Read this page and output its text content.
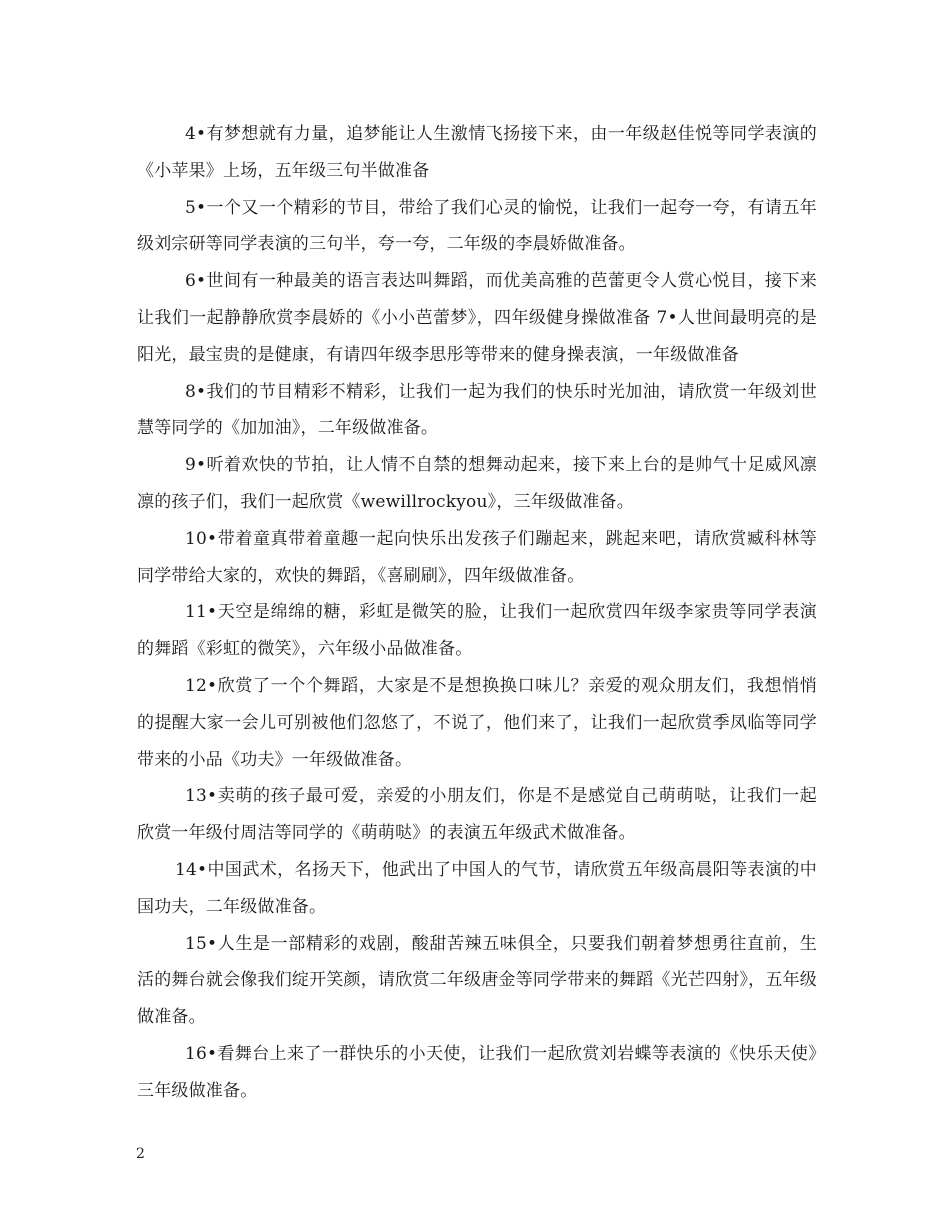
4•有梦想就有力量，追梦能让人生激情飞扬接下来，由一年级赵佳悦等同学表演的《小苹果》上场，五年级三句半做准备

5•一个又一个精彩的节目，带给了我们心灵的愉悦，让我们一起夸一夸，有请五年级刘宗研等同学表演的三句半，夸一夸，二年级的李晨娇做准备。

6•世间有一种最美的语言表达叫舞蹈，而优美高雅的芭蕾更令人赏心悦目，接下来让我们一起静静欣赏李晨娇的《小小芭蕾梦》，四年级健身操做准备 7•人世间最明亮的是阳光，最宝贵的是健康，有请四年级李思彤等带来的健身操表演，一年级做准备

8•我们的节目精彩不精彩，让我们一起为我们的快乐时光加油，请欣赏一年级刘世慧等同学的《加加油》，二年级做准备。

9•听着欢快的节拍，让人情不自禁的想舞动起来，接下来上台的是帅气十足威风凛凛的孩子们，我们一起欣赏《wewillrockyou》，三年级做准备。

10•带着童真带着童趣一起向快乐出发孩子们蹦起来，跳起来吧，请欣赏臧科林等同学带给大家的，欢快的舞蹈，《喜刷刷》，四年级做准备。

11•天空是绵绵的糖，彩虹是微笑的脸，让我们一起欣赏四年级李家贵等同学表演的舞蹈《彩虹的微笑》，六年级小品做准备。

12•欣赏了一个个舞蹈，大家是不是想换换口味儿？亲爱的观众朋友们，我想悄悄的提醒大家一会儿可别被他们忽悠了，不说了，他们来了，让我们一起欣赏季凤临等同学带来的小品《功夫》一年级做准备。

13•卖萌的孩子最可爱，亲爱的小朋友们，你是不是感觉自己萌萌哒，让我们一起欣赏一年级付周洁等同学的《萌萌哒》的表演五年级武术做准备。

14•中国武术，名扬天下，他武出了中国人的气节，请欣赏五年级高晨阳等表演的中国功夫，二年级做准备。

15•人生是一部精彩的戏剧，酸甜苦辣五味俱全，只要我们朝着梦想勇往直前，生活的舞台就会像我们绽开笑颜，请欣赏二年级唐金等同学带来的舞蹈《光芒四射》，五年级做准备。

16•看舞台上来了一群快乐的小天使，让我们一起欣赏刘岩蝶等表演的《快乐天使》三年级做准备。

2
